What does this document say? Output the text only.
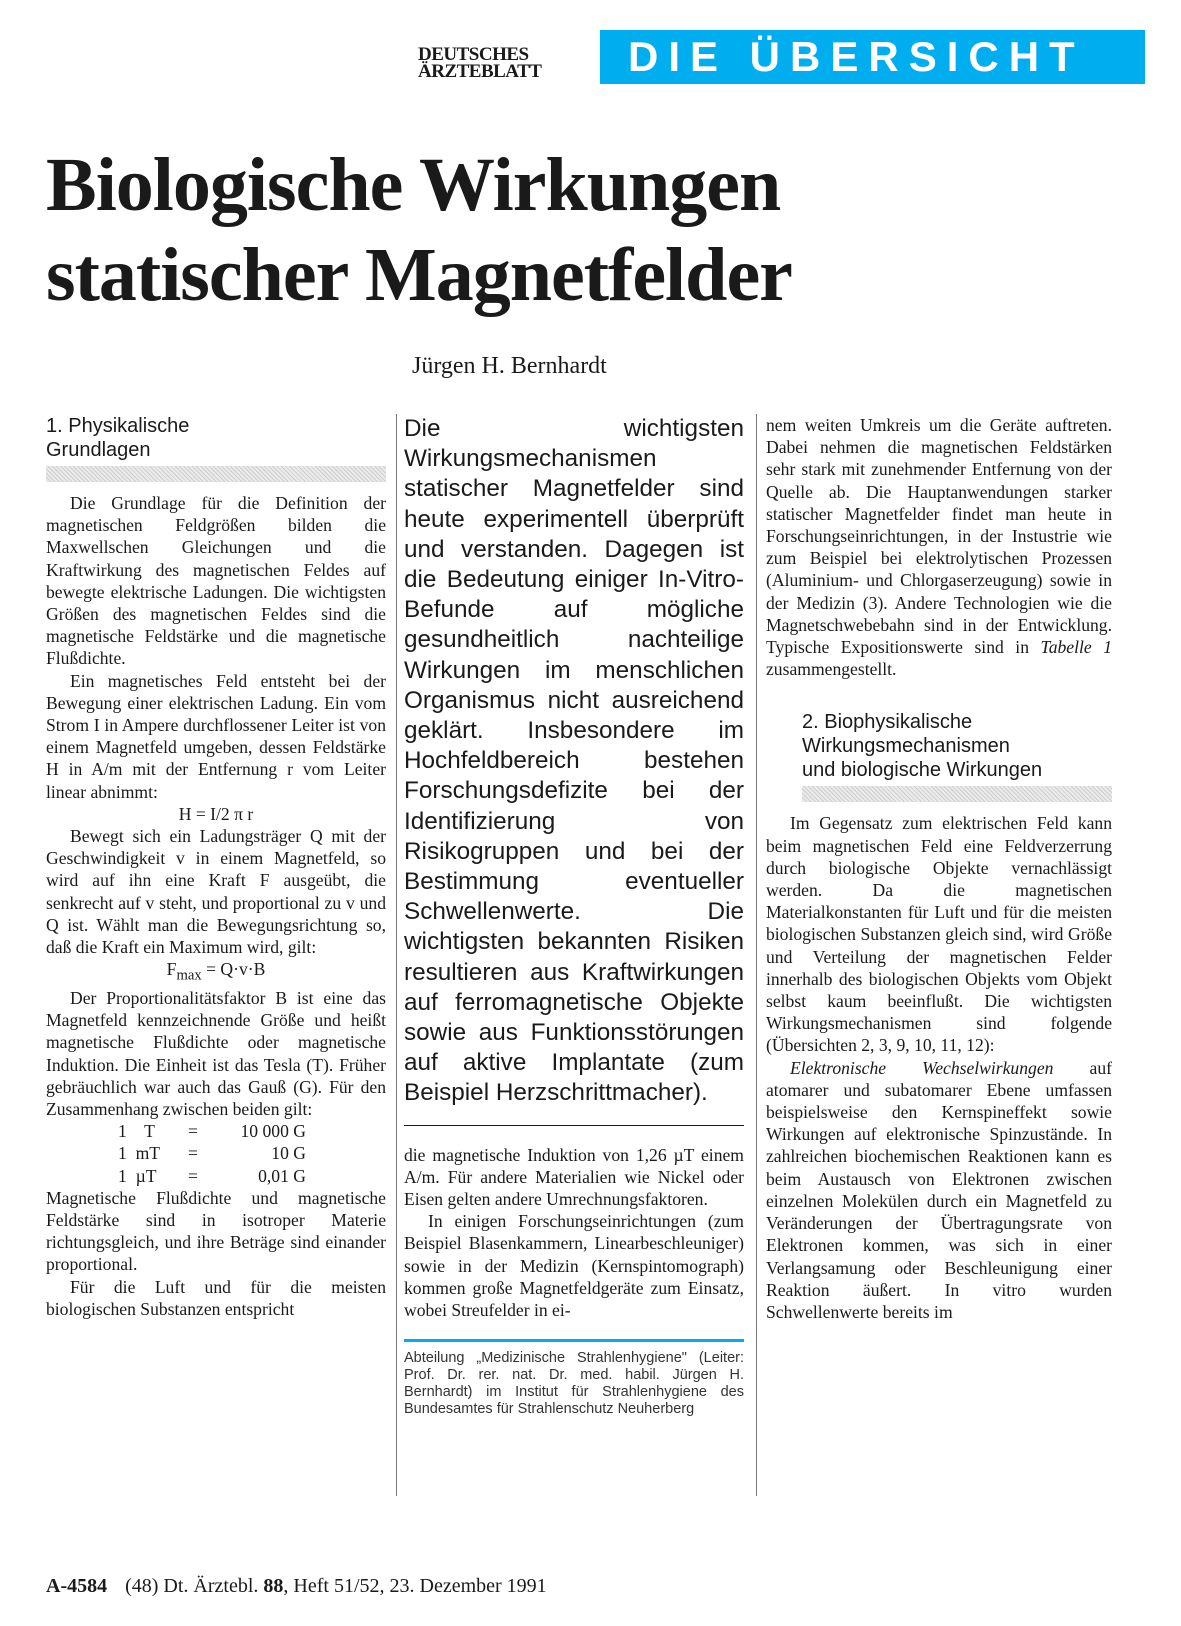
DEUTSCHES
ÄRZTEBLATT	DIE ÜBERSICHT
Biologische Wirkungen
statischer Magnetfelder
Jürgen H. Bernhardt
1. Physikalische
Grundlagen

Die Grundlage für die Definition der magnetischen Feldgrößen bilden die Maxwellschen Gleichungen und die Kraftwirkung des magnetischen Feldes auf bewegte elektrische Ladungen. Die wichtigsten Größen des magnetischen Feldes sind die magnetische Feldstärke und die magnetische Flußdichte.

Ein magnetisches Feld entsteht bei der Bewegung einer elektrischen Ladung. Ein vom Strom I in Ampere durchflossener Leiter ist von einem Magnetfeld umgeben, dessen Feldstärke H in A/m mit der Entfernung r vom Leiter linear abnimmt:

H = I/2 π r

Bewegt sich ein Ladungsträger Q mit der Geschwindigkeit v in einem Magnetfeld, so wird auf ihn eine Kraft F ausgeübt, die senkrecht auf v steht, und proportional zu v und Q ist. Wählt man die Bewegungsrichtung so, daß die Kraft ein Maximum wird, gilt:

$F_{max} = Q\cdot v\cdot B$

Der Proportionalitätsfaktor B ist eine das Magnetfeld kennzeichnende Größe und heißt magnetische Flußdichte oder magnetische Induktion. Die Einheit ist das Tesla (T). Früher gebräuchlich war auch das Gauß (G). Für den Zusammenhang zwischen beiden gilt:

1    T	=	10 000 G
1  mT	=	10 G
1  µT	=	0,01 G

Magnetische Flußdichte und magnetische Feldstärke sind in isotroper Materie richtungsgleich, und ihre Beträge sind einander proportional.

Für die Luft und für die meisten biologischen Substanzen entspricht

Die wichtigsten Wirkungsmechanismen statischer Magnetfelder sind heute experimentell überprüft und verstanden. Dagegen ist die Bedeutung einiger In-Vitro-Befunde auf mögliche gesundheitlich nachteilige Wirkungen im menschlichen Organismus nicht ausreichend geklärt. Insbesondere im Hochfeldbereich bestehen Forschungsdefizite bei der Identifizierung von Risikogruppen und bei der Bestimmung eventueller Schwellenwerte. Die wichtigsten bekannten Risiken resultieren aus Kraftwirkungen auf ferromagnetische Objekte sowie aus Funktionsstörungen auf aktive Implantate (zum Beispiel Herzschrittmacher).

die magnetische Induktion von 1,26 µT einem A/m. Für andere Materialien wie Nickel oder Eisen gelten andere Umrechnungsfaktoren.

In einigen Forschungseinrichtungen (zum Beispiel Blasenkammern, Linearbeschleuniger) sowie in der Medizin (Kernspintomograph) kommen große Magnetfeldgeräte zum Einsatz, wobei Streufelder in ei-

Abteilung „Medizinische Strahlenhygiene" (Leiter: Prof. Dr. rer. nat. Dr. med. habil. Jürgen H. Bernhardt) im Institut für Strahlenhygiene des Bundesamtes für Strahlenschutz Neuherberg

nem weiten Umkreis um die Geräte auftreten. Dabei nehmen die magnetischen Feldstärken sehr stark mit zunehmender Entfernung von der Quelle ab. Die Hauptanwendungen starker statischer Magnetfelder findet man heute in Forschungseinrichtungen, in der Instustrie wie zum Beispiel bei elektrolytischen Prozessen (Aluminium- und Chlorgaserzeugung) sowie in der Medizin (3). Andere Technologien wie die Magnetschwebebahn sind in der Entwicklung. Typische Expositionswerte sind in Tabelle 1 zusammengestellt.

2. Biophysikalische
Wirkungsmechanismen
und biologische Wirkungen

Im Gegensatz zum elektrischen Feld kann beim magnetischen Feld eine Feldverzerrung durch biologische Objekte vernachlässigt werden. Da die magnetischen Materialkonstanten für Luft und für die meisten biologischen Substanzen gleich sind, wird Größe und Verteilung der magnetischen Felder innerhalb des biologischen Objekts vom Objekt selbst kaum beeinflußt. Die wichtigsten Wirkungsmechanismen sind folgende (Übersichten 2, 3, 9, 10, 11, 12):

Elektronische Wechselwirkungen auf atomarer und subatomarer Ebene umfassen beispielsweise den Kernspineffekt sowie Wirkungen auf elektronische Spinzustände. In zahlreichen biochemischen Reaktionen kann es beim Austausch von Elektronen zwischen einzelnen Molekülen durch ein Magnetfeld zu Veränderungen der Übertragungsrate von Elektronen kommen, was sich in einer Verlangsamung oder Beschleunigung einer Reaktion äußert. In vitro wurden Schwellenwerte bereits im

A-4584 (48) Dt. Ärztebl. 88, Heft 51/52, 23. Dezember 1991
